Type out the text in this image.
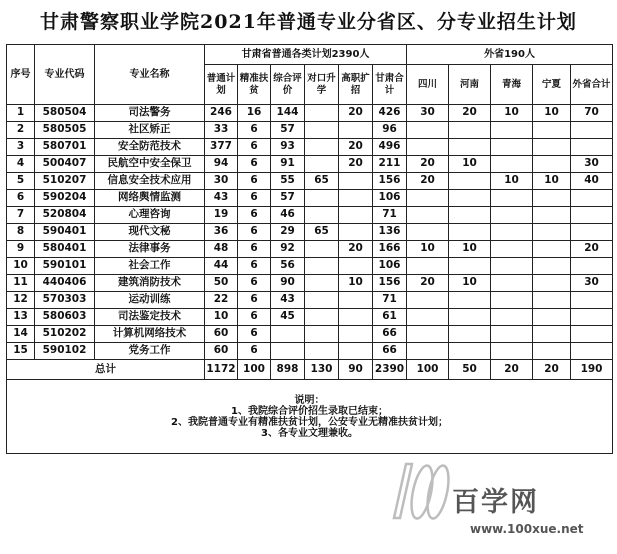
甘肃警察职业学院2021年普通专业分省区、分专业招生计划
序号	专业代码	专业名称	甘肃省普通各类计划2390人						外省190人				
			普通计划	精准扶贫	综合评价	对口升学	高职扩招	甘肃合计	四川	河南	青海	宁夏	外省合计
1	580504	司法警务	246	16	144		20	426	30	20	10	10	70
2	580505	社区矫正	33	6	57			96					
3	580701	安全防范技术	377	6	93		20	496					
4	500407	民航空中安全保卫	94	6	91		20	211	20	10			30
5	510207	信息安全技术应用	30	6	55	65		156	20		10	10	40
6	590204	网络舆情监测	43	6	57			106					
7	520804	心理咨询	19	6	46			71					
8	590401	现代文秘	36	6	29	65		136					
9	580401	法律事务	48	6	92		20	166	10	10			20
10	590101	社会工作	44	6	56			106					
11	440406	建筑消防技术	50	6	90		10	156	20	10			30
12	570303	运动训练	22	6	43			71					
13	580603	司法鉴定技术	10	6	45			61					
14	510202	计算机网络技术	60	6				66					
15	590102	党务工作	60	6				66					
总计			1172	100	898	130	90	2390	100	50	20	20	190

说明：
1、我院综合评价招生录取已结束；
2、我院普通专业有精准扶贫计划，公安专业无精准扶贫计划；
3、各专业文理兼收。													
百学网
www.100xue.net
